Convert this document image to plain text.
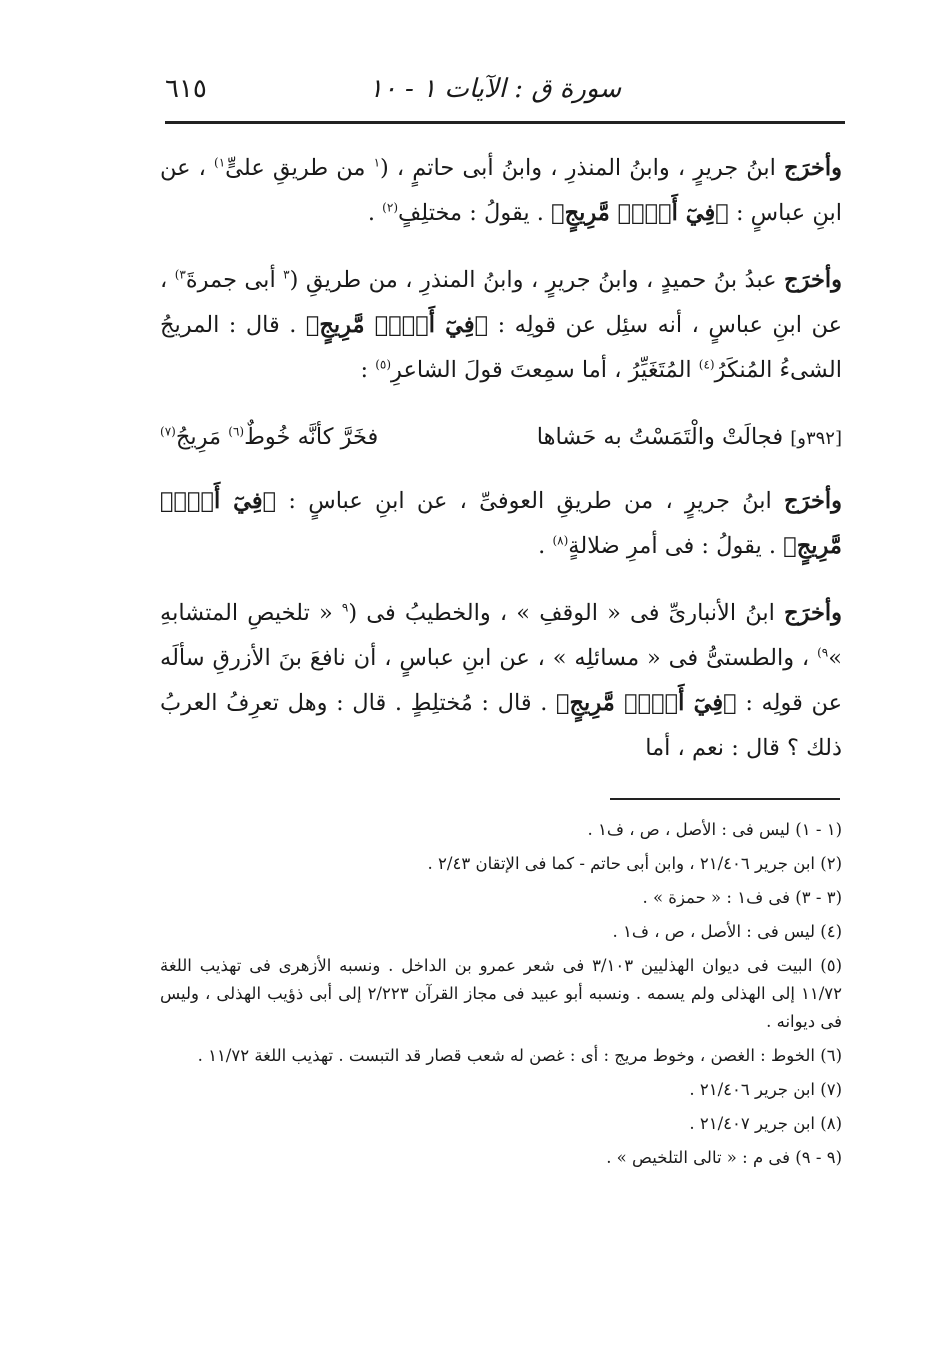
٦١٥	سورة ق : الآيات ١ - ١٠

وأخرَج ابنُ جريرٍ ، وابنُ المنذرِ ، وابنُ أبى حاتمٍ ، ($^١$ من طريقِ علىٍّ$^{١)}$ ، عن ابنِ عباسٍ : ﴿فِيٓ أَمۡرٖ مَّرِيجٍ﴾ . يقولُ : مختلِفٍ$^{(٢)}$ .

وأخرَج عبدُ بنُ حميدٍ ، وابنُ جريرٍ ، وابنُ المنذرِ ، من طريقِ ($^٣$ أبى جمرةَ$^{٣)}$ ، عن ابنِ عباسٍ ، أنه سئِل عن قولِه : ﴿فِيٓ أَمۡرٖ مَّرِيجٍ﴾ . قال : المريجُ الشىءُ المُنكَرُ$^{(٤)}$ المُتَغَيِّرُ ، أما سمِعتَ قولَ الشاعرِ$^{(٥)}$ :

[٣٩٢و] فجالَتْ والْتَمَسْتُ به حَشاها
فخَرَّ كأنَّه خُوطٌ$^{(٦)}$ مَرِيجُ$^{(٧)}$

وأخرَج ابنُ جريرٍ ، من طريقِ العوفىِّ ، عن ابنِ عباسٍ : ﴿فِيٓ أَمۡرٖ مَّرِيجٍ﴾ . يقولُ : فى أمرِ ضلالةٍ$^{(٨)}$ .

وأخرَج ابنُ الأنبارىِّ فى « الوقفِ » ، والخطيبُ فى ($^٩$ « تلخيصِ المتشابهِ »$^{٩)}$ ، والطستىُّ فى « مسائلِه » ، عن ابنِ عباسٍ ، أن نافعَ بنَ الأزرقِ سألَه عن قولِه : ﴿فِيٓ أَمۡرٖ مَّرِيجٍ﴾ . قال : مُختلِطٍ . قال : وهل تعرِفُ العربُ ذلك ؟ قال : نعم ، أما

(١ - ١) ليس فى : الأصل ، ص ، ف١ .
(٢) ابن جرير ٢١/٤٠٦ ، وابن أبى حاتم - كما فى الإتقان ٢/٤٣ .
(٣ - ٣) فى ف١ : « حمزة » .
(٤) ليس فى : الأصل ، ص ، ف١ .
(٥) البيت فى ديوان الهذليين ٣/١٠٣ فى شعر عمرو بن الداخل . ونسبه الأزهرى فى تهذيب اللغة ١١/٧٢ إلى الهذلى ولم يسمه . ونسبه أبو عبيد فى مجاز القرآن ٢/٢٢٣ إلى أبى ذؤيب الهذلى ، وليس فى ديوانه .
(٦) الخوط : الغصن ، وخوط مريج : أى : غصن له شعب قصار قد التبست . تهذيب اللغة ١١/٧٢ .
(٧) ابن جرير ٢١/٤٠٦ .
(٨) ابن جرير ٢١/٤٠٧ .
(٩ - ٩) فى م : « تالى التلخيص » .
